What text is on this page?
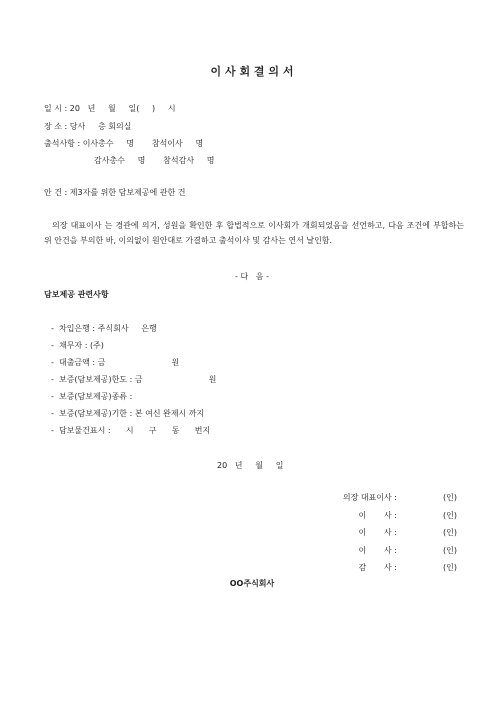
이 사 회 결 의 서
일 시 : 20   년     월     일(     )     시
장 소 : 당사     층 회의실
출석사항 : 이사총수     명       참석이사     명
감사총수     명       참석감사     명
안 건 : 제3자를 위한 담보제공에 관한 건
의장 대표이사 는 경관에 의거, 성원을 확인한 후 합법적으로 이사회가 개회되었음을 선언하고, 다음 조건에 부합하는 위 안건을 부의한 바, 이의없이 원안대로 가결하고 출석이사 및 감사는 연서 날인함.
- 다   음 -
담보제공 관련사항
-  차입은행 : 주식회사     은행
-  채무자 : (주)
-  대출금액 : 금                          원
-  보증(담보제공)한도 : 금                          원
-  보증(담보제공)종류 :
-  보증(담보제공)기한 : 본 여신 완제시 까지
-  담보물건표시 :      시      구      동      번지
20   년     월     일
의장 대표이사 :	(인)
이       사 :	(인)
이       사 :	(인)
이       사 :	(인)
감       사 :	(인)
OO주식회사
